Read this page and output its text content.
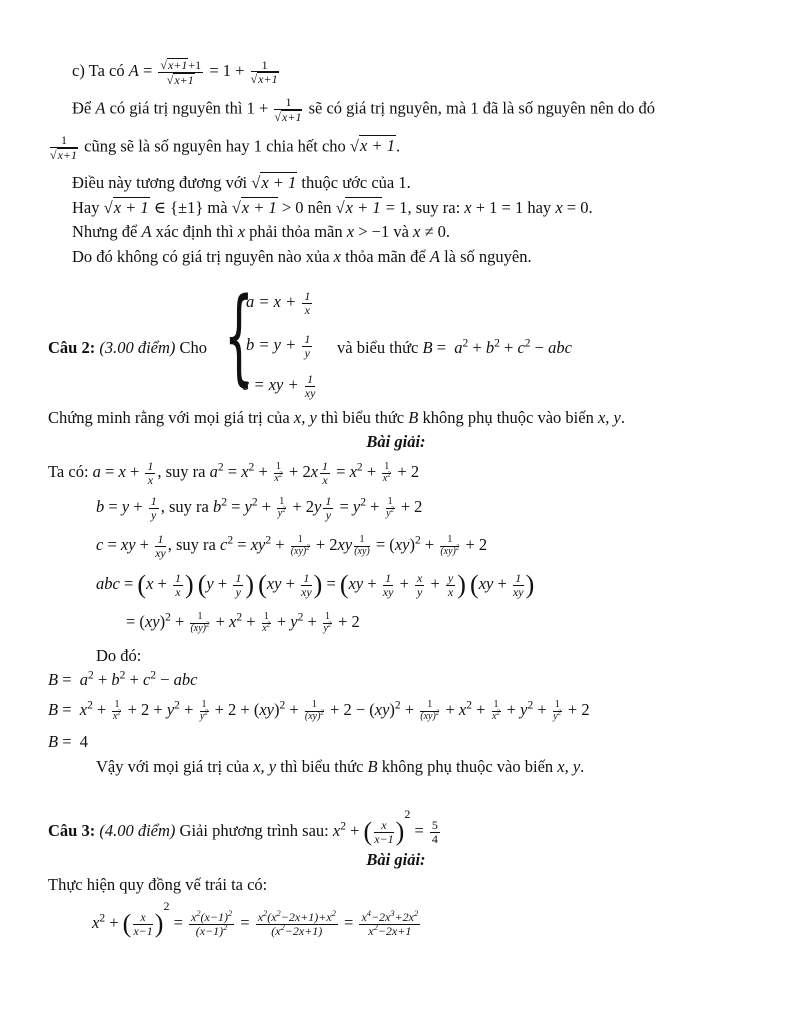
c) Ta có $A = \frac{√x+1+1}{√x+1} = 1 + \frac{1}{√x+1}$
Để A có giá trị nguyên thì $1 + \frac{1}{√x+1}$ sẽ có giá trị nguyên, mà 1 đã là số nguyên nên do đó
$\frac{1}{√x+1}$ cũng sẽ là số nguyên hay 1 chia hết cho √x + 1.
Điều này tương đương với √x + 1 thuộc ước của 1.
Hay √x + 1 ∈ {±1} mà √x + 1 > 0 nên √x + 1 = 1, suy ra: x + 1 = 1 hay x = 0.
Nhưng để A xác định thì x phải thỏa mãn x > −1 và x ≠ 0.
Do đó không có giá trị nguyên nào xủa x thỏa mãn để A là số nguyên.
Câu 2: (3.00 điểm) Cho {
$a = x + \frac{1}{x}$
$b = y + \frac{1}{y}$
c = xy + $\frac{1}{xy}$
và biểu thức $B = a^2 + b^2 + c^2$ − abc
Chứng minh rằng với mọi giá trị của x, y thì biểu thức B không phụ thuộc vào biến x, y.
Bài giải:
Ta có: $a = x + \frac{1}{x}$ , suy ra $a^2 = x^2 + \frac{1}{x^2} + 2x \frac{1}{x} = x^2 + \frac{1}{x^2} + 2$
$b = y + \frac{1}{y}$ , suy ra $b^2 = y^2 + \frac{1}{y^2} + 2y \frac{1}{y} = y^2 + \frac{1}{y^2} + 2$
c = xy + $\frac{1}{xy}$ , suy ra $c^2 = xy^2 + \frac{1}{(xy)^2} + 2xy \frac{1}{(xy)} = (xy)^2 + \frac{1}{(xy)^2} + 2$
abc = ($x + \frac{1}{x}$ ) ($y + \frac{1}{y}$ ) ($xy + \frac{1}{xy}$ ) = ($xy + \frac{1}{xy} + \frac{x}{y} + \frac{y}{x}$ ) ($xy + \frac{1}{xy}$ )
= $(xy)^2 + \frac{1}{(xy)^2} + x^2 + \frac{1}{x^2} + y^2 + \frac{1}{y^2} + 2$
Do đó:
$B = a^2 + b^2 + c^2$ − abc
$B = x^2 + \frac{1}{x^2} + 2 + y^2 + \frac{1}{y^2} + 2 + (xy)^2 + \frac{1}{(xy)^2} + 2 - (xy)^2 + \frac{1}{(xy)^2} + x^2 + \frac{1}{x^2} + y^2 + \frac{1}{y^2} + 2$
B =  4
Vậy với mọi giá trị của x, y thì biểu thức B không phụ thuộc vào biến x, y.
Câu 3: (4.00 điểm) Giải phương trình sau: $x^2$ + ( $\frac{x}{x-1} )^2 = \frac{5}{4}$
Bài giải:
Thực hiện quy đồng vế trái ta có:
$x^2$ + ( $\frac{x}{x-1} )^2 = \frac{x^2(x-1)^2}{(x-1)^2} = \frac{x^2(x^2-2x+1)+x^2}{(x^2-2x+1)} = \frac{x^4-2x^3+2x^2}{x^2-2x+1}$
